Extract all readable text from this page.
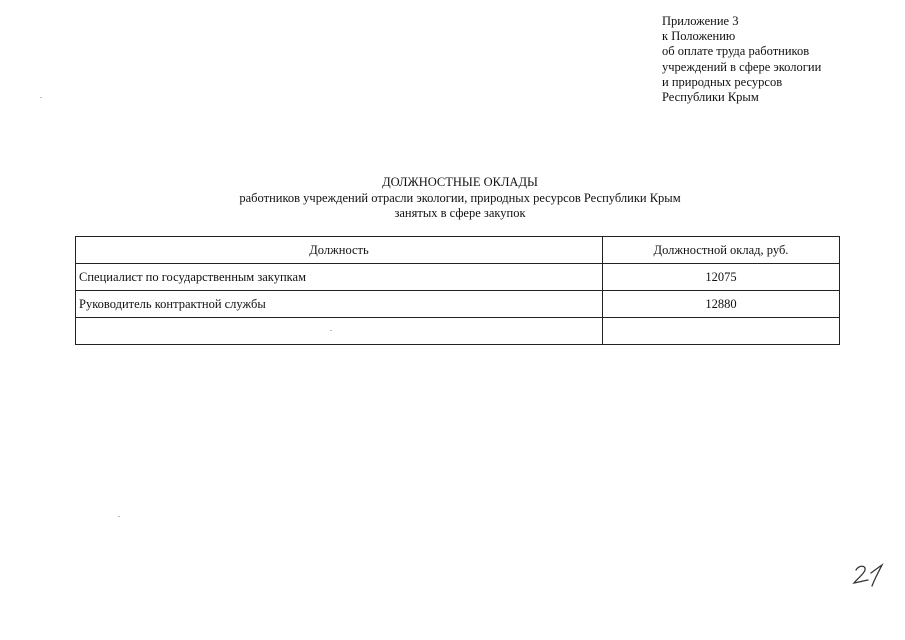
Приложение 3
к Положению
об оплате труда работников
учреждений в сфере экологии
и природных ресурсов
Республики Крым
ДОЛЖНОСТНЫЕ ОКЛАДЫ
работников учреждений отрасли экологии, природных ресурсов Республики Крым
занятых в сфере закупок
Должность	Должностной оклад, руб.
Специалист по государственным закупкам	12075
Руководитель контрактной службы	12880
